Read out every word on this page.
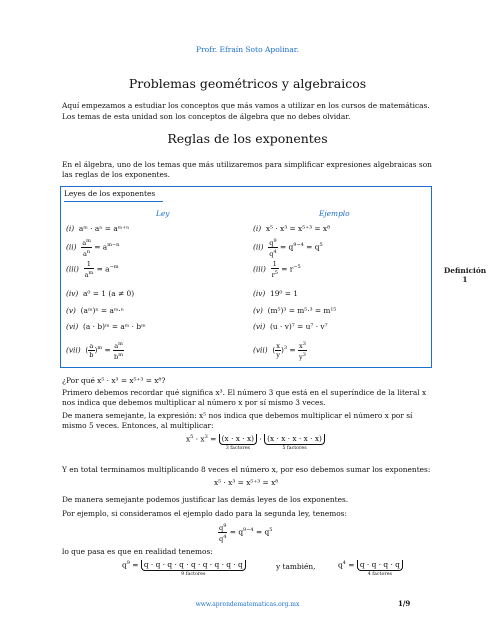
Profr. Efraín Soto Apolinar.
Problemas geométricos y algebraicos
Aquí empezamos a estudiar los conceptos que más vamos a utilizar en los cursos de matemáticas.
Los temas de esta unidad son los conceptos de álgebra que no debes olvidar.
Reglas de los exponentes
En el álgebra, uno de los temas que más utilizaremos para simplificar expresiones algebraicas son
las reglas de los exponentes.
Leyes de los exponentes
Ley	Ejemplo
(i) aᵐ · aⁿ = aᵐ⁺ⁿ	(i) x⁵ · x³ = x⁵⁺³ = x⁸
$(ii) \frac{a^m}{a^n} = a^{m-n}$	$(ii) \frac{q^9}{q^4} = q^{9-4} = q^5$
$(iii) \frac{1}{a^m} = a^{-m}$	$(iii) \frac{1}{r^5} = r^{-5}$
(iv) a⁰ = 1 (a ≠ 0)	(iv) 19⁰ = 1
(v) (aᵐ)ⁿ = aᵐ·ⁿ	(v) (m⁵)³ = m⁵·³ = m¹⁵
(vi) (a · b)ᵐ = aᵐ · bᵐ	(vi) (u · v)⁷ = u⁷ · v⁷
(vii)  ( $\frac{a}{b} )^m = \frac{a^m}{b^m}$	(vii)  ( $\frac{x}{y} )^3 = \frac{x^3}{y^3}$
Definición
1
¿Por qué x⁵ · x³ = x⁵⁺³ = x⁸?
Primero debemos recordar qué significa x³. El número 3 que está en el superíndice de la literal x
nos indica que debemos multiplicar al número x por sí mismo 3 veces.
De manera semejante, la expresión: x⁵ nos indica que debemos multiplicar el número x por sí
mismo 5 veces. Entonces, al multiplicar:
$x^5 \cdot x^3 = (x \cdot x \cdot x)$
3 factores
· (x · x · x · x · x)
5 factores
Y en total terminamos multiplicando 8 veces el número x, por eso debemos sumar los exponentes:
x⁵ · x³ = x⁵⁺³ = x⁸
De manera semejante podemos justificar las demás leyes de los exponentes.
Por ejemplo, si consideramos el ejemplo dado para la segunda ley, tenemos:
$\frac{q^9}{q^4} = q^{9-4} = q^5$
lo que pasa es que en realidad tenemos:
$q^9 = q \cdot q \cdot q \cdot q \cdot q \cdot q \cdot q \cdot q \cdot q$
9 factores
y también,	$q^4 = q \cdot q \cdot q \cdot q$
4 factores
www.aprendematematicas.org.mx	1/9
